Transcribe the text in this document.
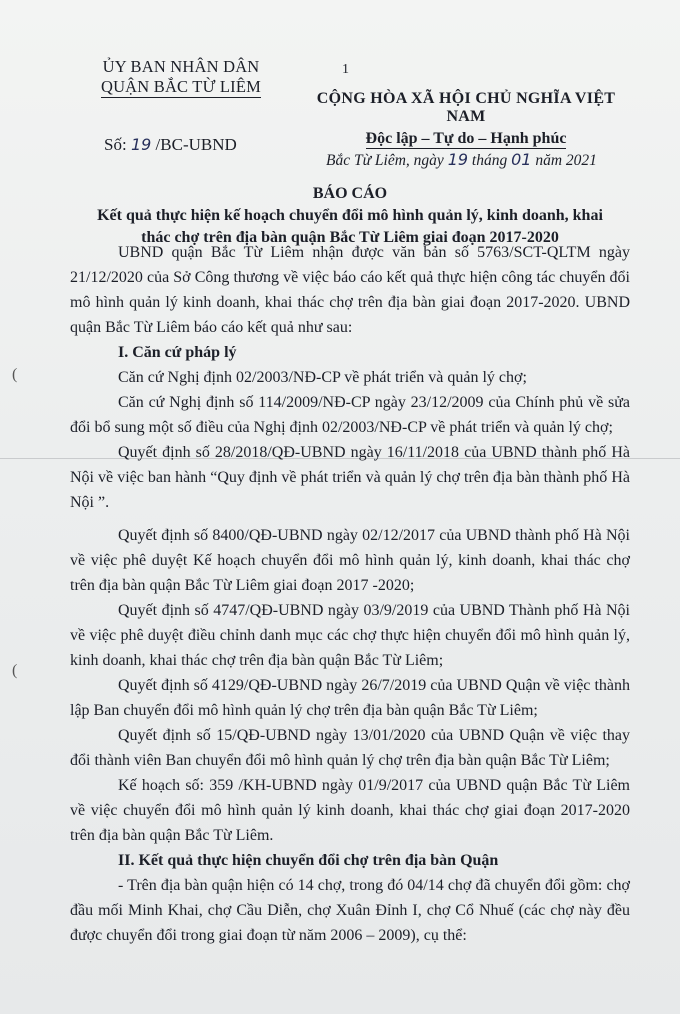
(
(
1
ỦY BAN NHÂN DÂN
QUẬN BẮC TỪ LIÊM
Số: 19 /BC-UBND
CỘNG HÒA XÃ HỘI CHỦ NGHĨA VIỆT NAM
Độc lập – Tự do – Hạnh phúc
Bắc Từ Liêm, ngày 19 tháng 01 năm 2021
BÁO CÁO
Kết quả thực hiện kế hoạch chuyển đổi mô hình quản lý, kinh doanh, khai
thác chợ trên địa bàn quận Bắc Từ Liêm giai đoạn 2017-2020

UBND quận Bắc Từ Liêm nhận được văn bản số 5763/SCT-QLTM ngày 21/12/2020 của Sở Công thương về việc báo cáo kết quả thực hiện công tác chuyển đổi mô hình quản lý kinh doanh, khai thác chợ trên địa bàn giai đoạn 2017-2020. UBND quận Bắc Từ Liêm báo cáo kết quả như sau:

I. Căn cứ pháp lý

Căn cứ Nghị định 02/2003/NĐ-CP về phát triển và quản lý chợ;

Căn cứ Nghị định số 114/2009/NĐ-CP ngày 23/12/2009 của Chính phủ về sửa đổi bổ sung một số điều của Nghị định 02/2003/NĐ-CP về phát triển và quản lý chợ;

Quyết định số 28/2018/QĐ-UBND ngày 16/11/2018 của UBND thành phố Hà Nội về việc ban hành “Quy định về phát triển và quản lý chợ trên địa bàn thành phố Hà Nội ”.

Quyết định số 8400/QĐ-UBND ngày 02/12/2017 của UBND thành phố Hà Nội về việc phê duyệt Kế hoạch chuyển đổi mô hình quản lý, kinh doanh, khai thác chợ trên địa bàn quận Bắc Từ Liêm giai đoạn 2017 -2020;

Quyết định số 4747/QĐ-UBND ngày 03/9/2019 của UBND Thành phố Hà Nội về việc phê duyệt điều chỉnh danh mục các chợ thực hiện chuyển đổi mô hình quản lý, kinh doanh, khai thác chợ trên địa bàn quận Bắc Từ Liêm;

Quyết định số 4129/QĐ-UBND ngày 26/7/2019 của UBND Quận về việc thành lập Ban chuyển đổi mô hình quản lý chợ trên địa bàn quận Bắc Từ Liêm;

Quyết định số 15/QĐ-UBND ngày 13/01/2020 của UBND Quận về việc thay đổi thành viên Ban chuyển đổi mô hình quản lý chợ trên địa bàn quận Bắc Từ Liêm;

Kế hoạch số: 359 /KH-UBND ngày 01/9/2017 của UBND quận Bắc Từ Liêm về việc chuyển đổi mô hình quản lý kinh doanh, khai thác chợ giai đoạn 2017-2020 trên địa bàn quận Bắc Từ Liêm.

II. Kết quả thực hiện chuyển đổi chợ trên địa bàn Quận

- Trên địa bàn quận hiện có 14 chợ, trong đó 04/14 chợ đã chuyển đổi gồm: chợ đầu mối Minh Khai, chợ Cầu Diễn, chợ Xuân Đỉnh I, chợ Cổ Nhuế (các chợ này đều được chuyển đổi trong giai đoạn từ năm 2006 – 2009), cụ thể:
